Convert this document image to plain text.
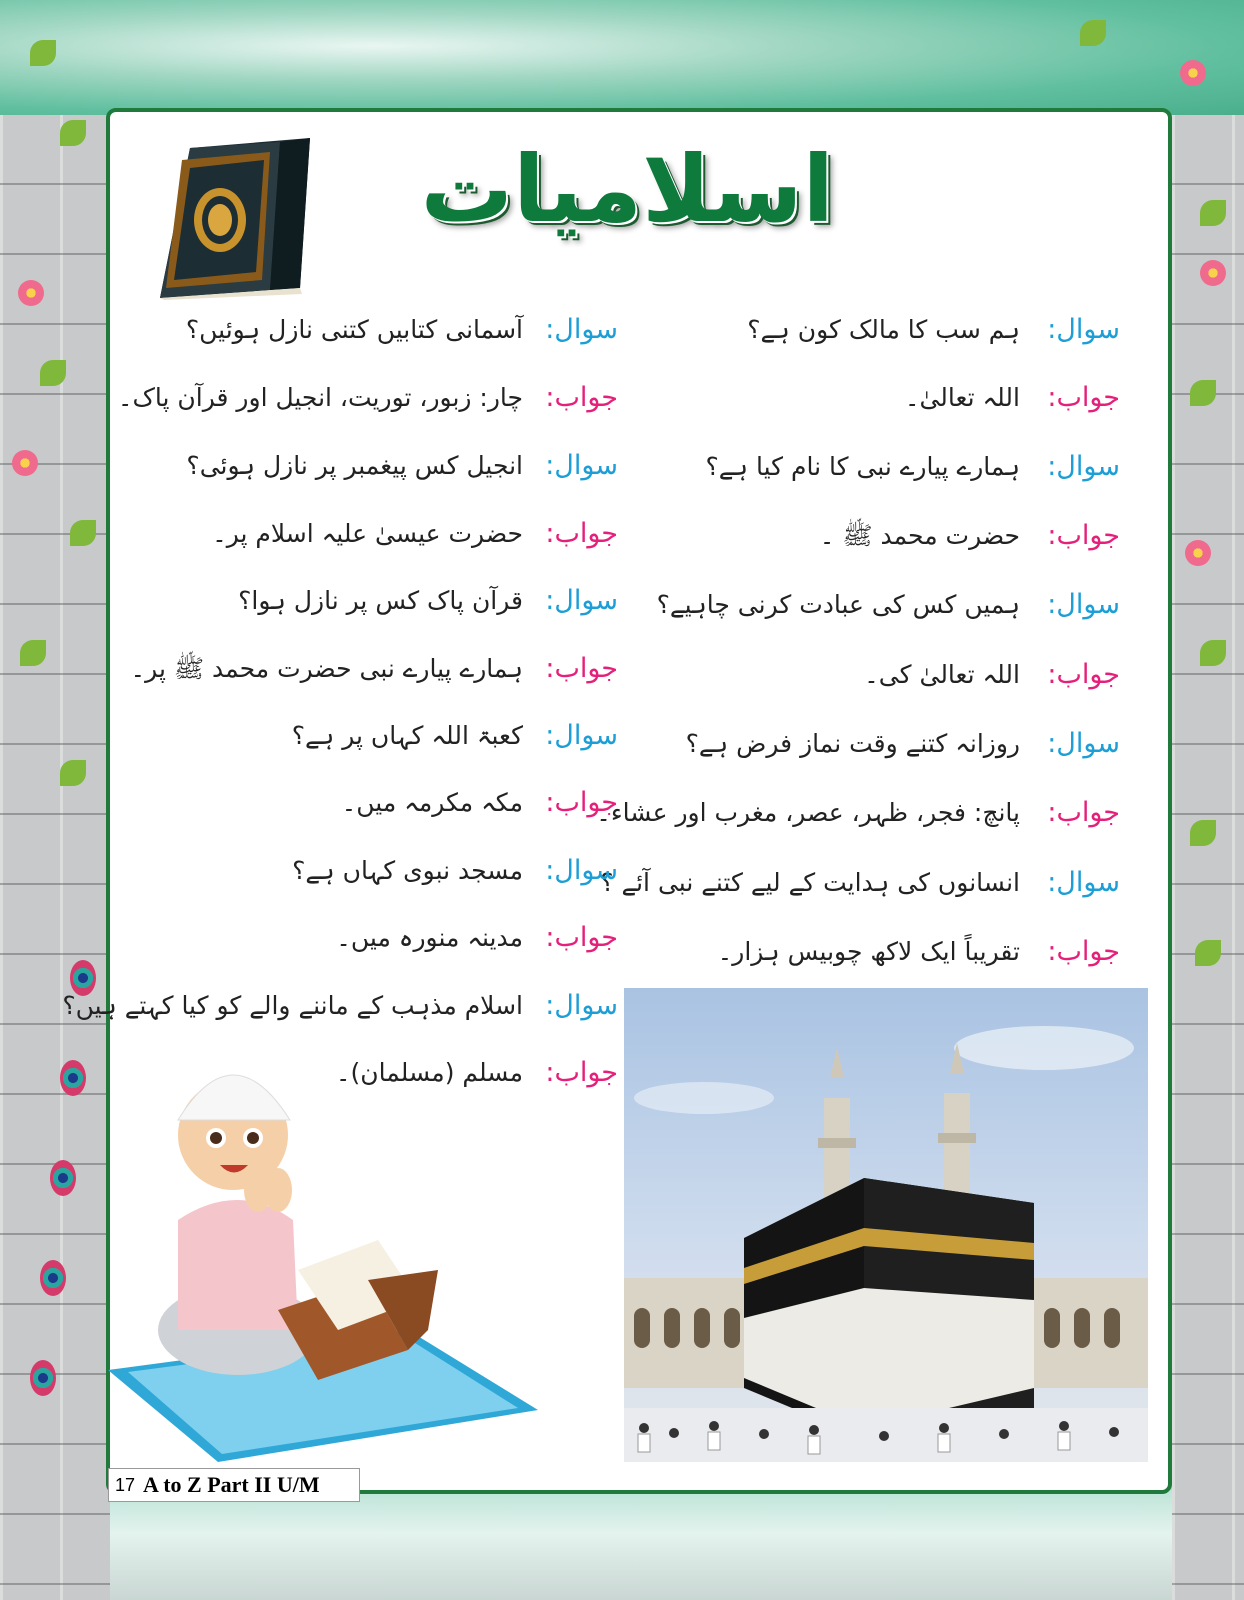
اسلامیات
سوال:
ہم سب کا مالک کون ہے؟
جواب:
اللہ تعالیٰ۔
سوال:
ہمارے پیارے نبی کا نام کیا ہے؟
جواب:
حضرت محمد ﷺ ۔
سوال:
ہمیں کس کی عبادت کرنی چاہیے؟
جواب:
اللہ تعالیٰ کی۔
سوال:
روزانہ کتنے وقت نماز فرض ہے؟
جواب:
پانچ: فجر، ظہر، عصر، مغرب اور عشاء۔
سوال:
انسانوں کی ہدایت کے لیے کتنے نبی آئے ؟
جواب:
تقریباً ایک لاکھ چوبیس ہزار۔
سوال:
آسمانی کتابیں کتنی نازل ہوئیں؟
جواب:
چار: زبور، توریت، انجیل اور قرآن پاک۔
سوال:
انجیل کس پیغمبر پر نازل ہوئی؟
جواب:
حضرت عیسیٰ علیہ اسلام پر۔
سوال:
قرآن پاک کس پر نازل ہوا؟
جواب:
ہمارے پیارے نبی حضرت محمد ﷺ پر۔
سوال:
کعبۃ اللہ کہاں پر ہے؟
جواب:
مکہ مکرمہ میں۔
سوال:
مسجد نبوی کہاں ہے؟
جواب:
مدینہ منورہ میں۔
سوال:
اسلام مذہب کے ماننے والے کو کیا کہتے ہیں؟
جواب:
مسلم (مسلمان)۔
17 A to Z Part II U/M
